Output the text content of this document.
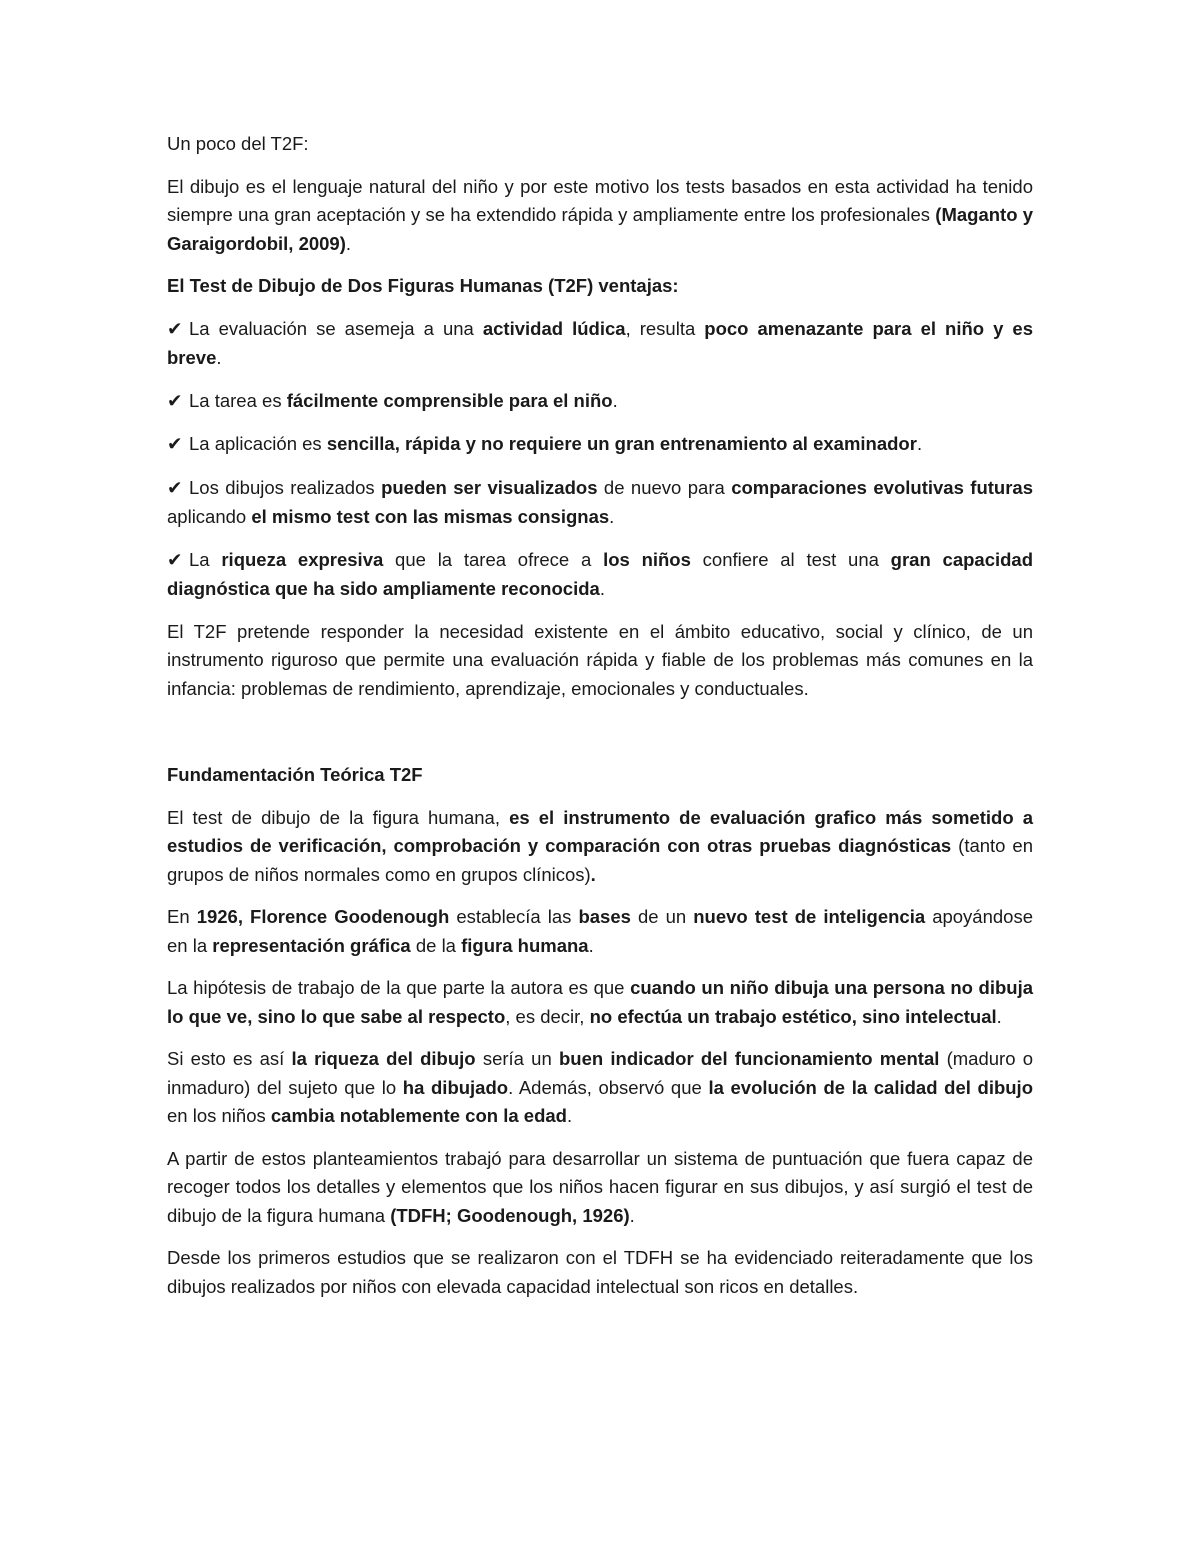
Un poco del T2F:

El dibujo es el lenguaje natural del niño y por este motivo los tests basados en esta actividad ha tenido siempre una gran aceptación y se ha extendido rápida y ampliamente entre los profesionales (Maganto y Garaigordobil, 2009).

El Test de Dibujo de Dos Figuras Humanas (T2F) ventajas:

✔ La evaluación se asemeja a una actividad lúdica, resulta poco amenazante para el niño y es breve.

✔ La tarea es fácilmente comprensible para el niño.

✔ La aplicación es sencilla, rápida y no requiere un gran entrenamiento al examinador.

✔ Los dibujos realizados pueden ser visualizados de nuevo para comparaciones evolutivas futuras aplicando el mismo test con las mismas consignas.

✔ La riqueza expresiva que la tarea ofrece a los niños confiere al test una gran capacidad diagnóstica que ha sido ampliamente reconocida.

El T2F pretende responder la necesidad existente en el ámbito educativo, social y clínico, de un instrumento riguroso que permite una evaluación rápida y fiable de los problemas más comunes en la infancia: problemas de rendimiento, aprendizaje, emocionales y conductuales.

Fundamentación Teórica T2F

El test de dibujo de la figura humana, es el instrumento de evaluación grafico más sometido a estudios de verificación, comprobación y comparación con otras pruebas diagnósticas (tanto en grupos de niños normales como en grupos clínicos).

En 1926, Florence Goodenough establecía las bases de un nuevo test de inteligencia apoyándose en la representación gráfica de la figura humana.

La hipótesis de trabajo de la que parte la autora es que cuando un niño dibuja una persona no dibuja lo que ve, sino lo que sabe al respecto, es decir, no efectúa un trabajo estético, sino intelectual.

Si esto es así la riqueza del dibujo sería un buen indicador del funcionamiento mental (maduro o inmaduro) del sujeto que lo ha dibujado. Además, observó que la evolución de la calidad del dibujo en los niños cambia notablemente con la edad.

A partir de estos planteamientos trabajó para desarrollar un sistema de puntuación que fuera capaz de recoger todos los detalles y elementos que los niños hacen figurar en sus dibujos, y así surgió el test de dibujo de la figura humana (TDFH; Goodenough, 1926).

Desde los primeros estudios que se realizaron con el TDFH se ha evidenciado reiteradamente que los dibujos realizados por niños con elevada capacidad intelectual son ricos en detalles.
